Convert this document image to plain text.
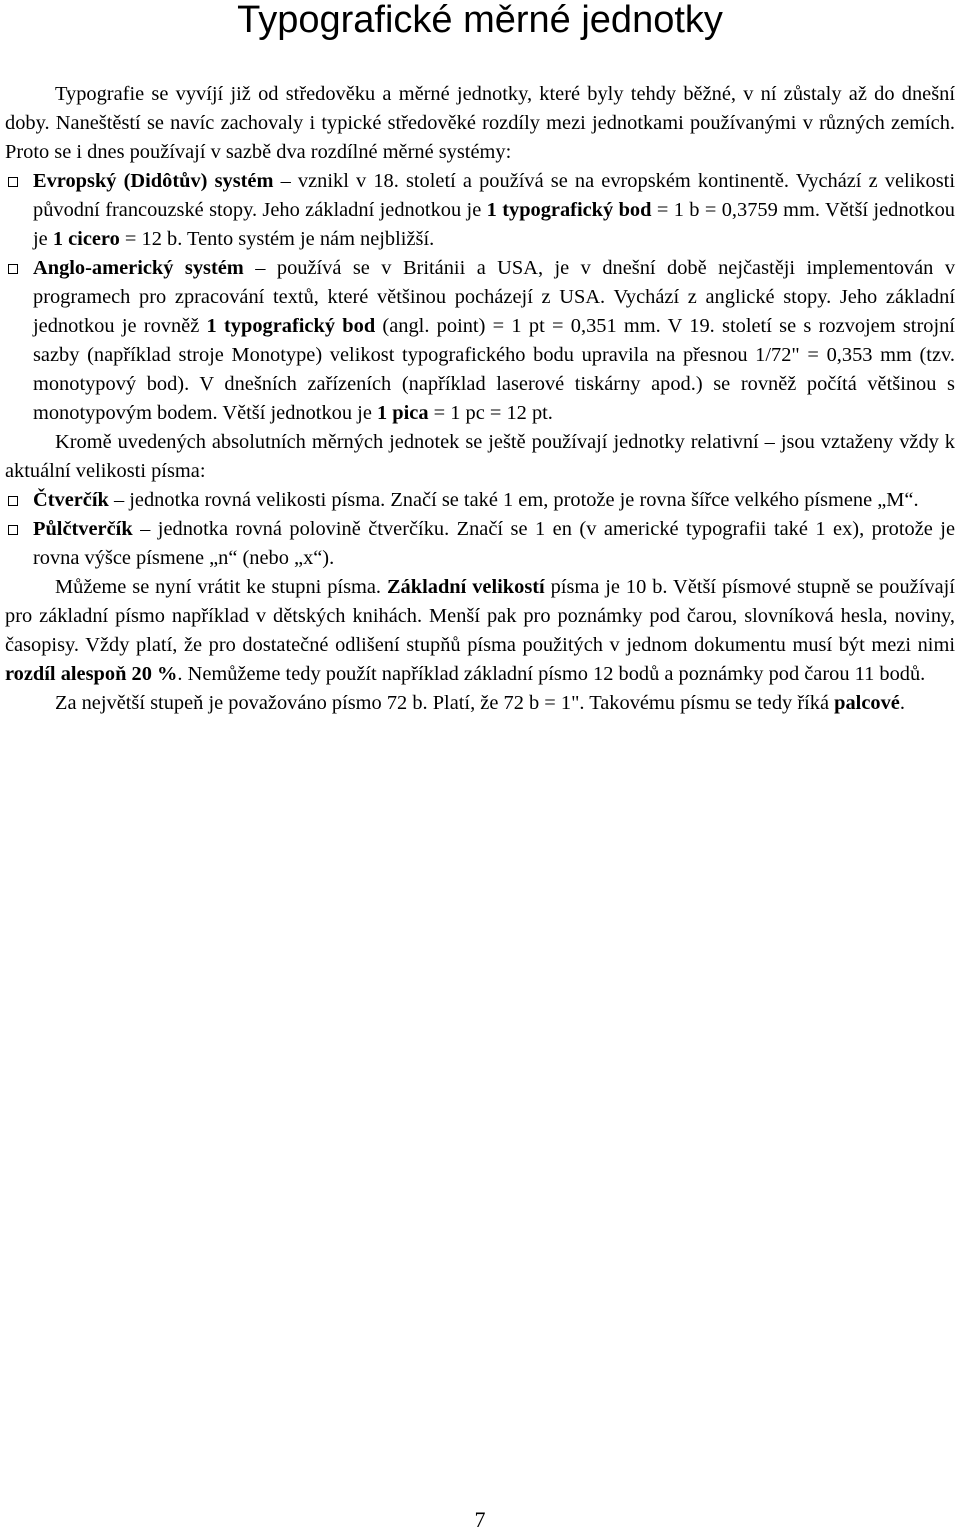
Typografické měrné jednotky

Typografie se vyvíjí již od středověku a měrné jednotky, které byly tehdy běžné, v ní zůstaly až do dnešní doby. Naneštěstí se navíc zachovaly i typické středověké rozdíly mezi jednotkami používanými v různých zemích. Proto se i dnes používají v sazbě dva rozdílné měrné systémy:

Evropský (Didôtův) systém – vznikl v 18. století a používá se na evropském kontinentě. Vychází z velikosti původní francouzské stopy. Jeho základní jednotkou je 1 typografický bod = 1 b = 0,3759 mm. Větší jednotkou je 1 cicero = 12 b. Tento systém je nám nejbližší.
Anglo-americký systém – používá se v Británii a USA, je v dnešní době nejčastěji implementován v programech pro zpracování textů, které většinou pocházejí z USA. Vychází z anglické stopy. Jeho základní jednotkou je rovněž 1 typografický bod (angl. point) = 1 pt = 0,351 mm. V 19. století se s rozvojem strojní sazby (například stroje Monotype) velikost typografického bodu upravila na přesnou 1/72" = 0,353 mm (tzv. monotypový bod). V dnešních zařízeních (například laserové tiskárny apod.) se rovněž počítá většinou s monotypovým bodem. Větší jednotkou je 1 pica = 1 pc = 12 pt.

Kromě uvedených absolutních měrných jednotek se ještě používají jednotky relativní – jsou vztaženy vždy k aktuální velikosti písma:

Čtverčík – jednotka rovná velikosti písma. Značí se také 1 em, protože je rovna šířce velkého písmene „M“.
Půlčtverčík – jednotka rovná polovině čtverčíku. Značí se 1 en (v americké typografii také 1 ex), protože je rovna výšce písmene „n“ (nebo „x“).

Můžeme se nyní vrátit ke stupni písma. Základní velikostí písma je 10 b. Větší písmové stupně se používají pro základní písmo například v dětských knihách. Menší pak pro poznámky pod čarou, slovníková hesla, noviny, časopisy. Vždy platí, že pro dostatečné odlišení stupňů písma použitých v jednom dokumentu musí být mezi nimi rozdíl alespoň 20 %. Nemůžeme tedy použít například základní písmo 12 bodů a poznámky pod čarou 11 bodů.

Za největší stupeň je považováno písmo 72 b. Platí, že 72 b = 1". Takovému písmu se tedy říká palcové.

7
